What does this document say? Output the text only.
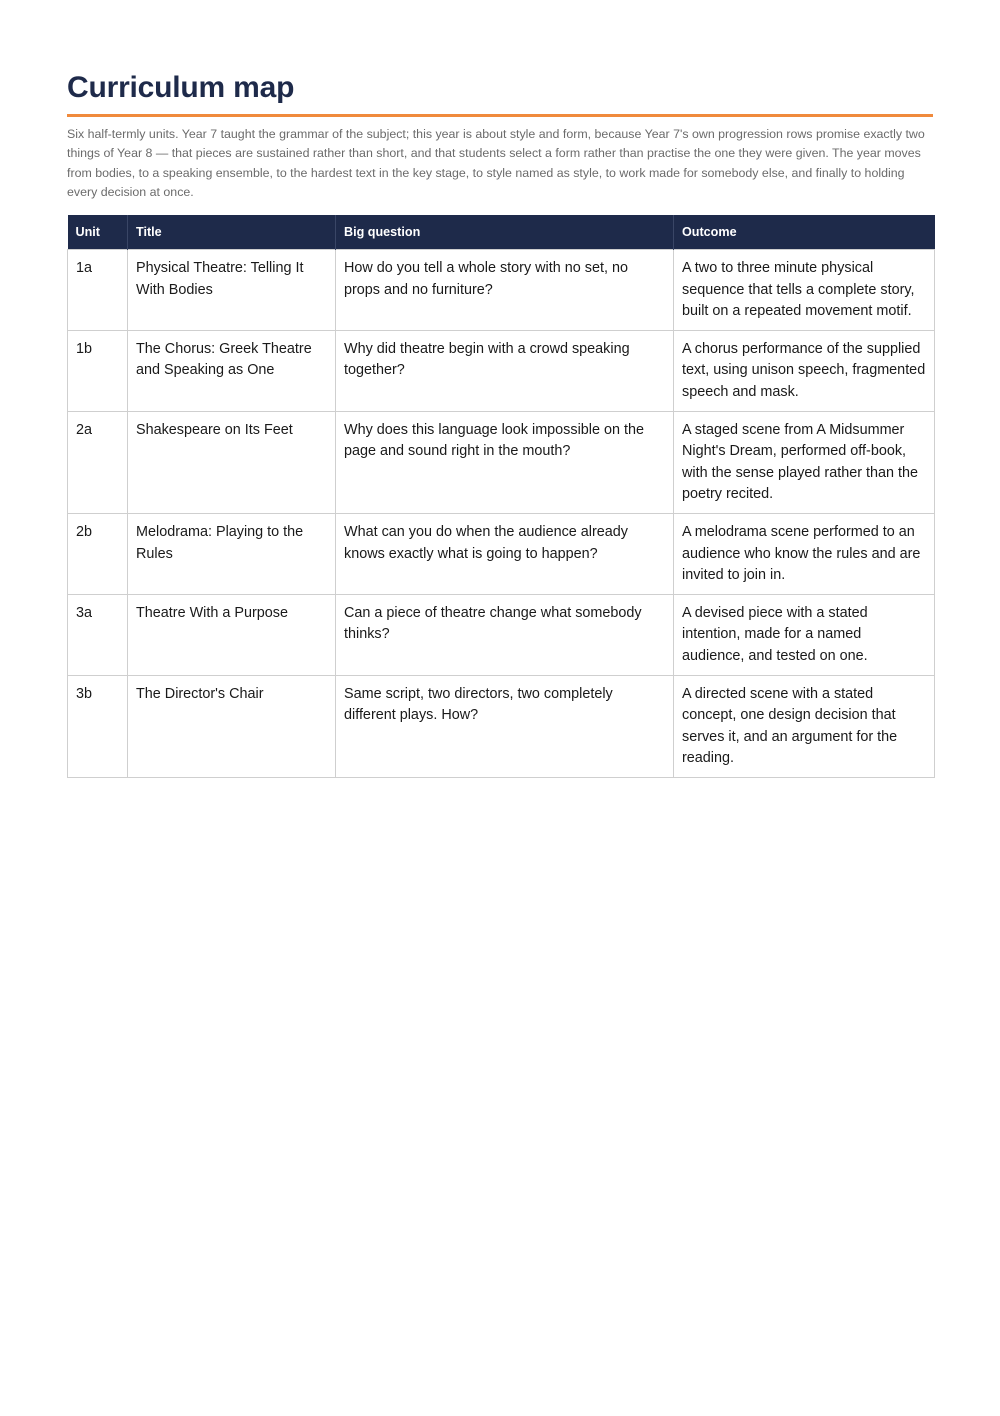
Curriculum map

Six half-termly units. Year 7 taught the grammar of the subject; this year is about style and form, because Year 7's own progression rows promise exactly two things of Year 8 — that pieces are sustained rather than short, and that students select a form rather than practise the one they were given. The year moves from bodies, to a speaking ensemble, to the hardest text in the key stage, to style named as style, to work made for somebody else, and finally to holding every decision at once.

Unit	Title	Big question	Outcome
1a	Physical Theatre: Telling It With Bodies	How do you tell a whole story with no set, no props and no furniture?	A two to three minute physical sequence that tells a complete story, built on a repeated movement motif.
1b	The Chorus: Greek Theatre and Speaking as One	Why did theatre begin with a crowd speaking together?	A chorus performance of the supplied text, using unison speech, fragmented speech and mask.
2a	Shakespeare on Its Feet	Why does this language look impossible on the page and sound right in the mouth?	A staged scene from A Midsummer Night's Dream, performed off-book, with the sense played rather than the poetry recited.
2b	Melodrama: Playing to the Rules	What can you do when the audience already knows exactly what is going to happen?	A melodrama scene performed to an audience who know the rules and are invited to join in.
3a	Theatre With a Purpose	Can a piece of theatre change what somebody thinks?	A devised piece with a stated intention, made for a named audience, and tested on one.
3b	The Director's Chair	Same script, two directors, two completely different plays. How?	A directed scene with a stated concept, one design decision that serves it, and an argument for the reading.
